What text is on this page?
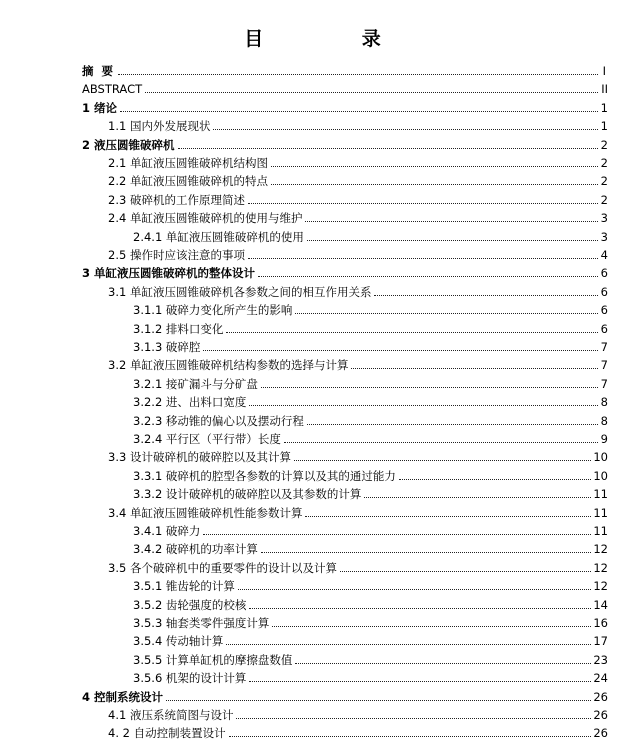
目 录
摘 要	I
ABSTRACT	II
1 绪论	1
1.1 国内外发展现状	1
2 液压圆锥破碎机	2
2.1 单缸液压圆锥破碎机结构图	2
2.2 单缸液压圆锥破碎机的特点	2
2.3 破碎机的工作原理简述	2
2.4 单缸液压圆锥破碎机的使用与维护	3
2.4.1 单缸液压圆锥破碎机的使用	3
2.5 操作时应该注意的事项	4
3 单缸液压圆锥破碎机的整体设计	6
3.1 单缸液压圆锥破碎机各参数之间的相互作用关系	6
3.1.1 破碎力变化所产生的影响	6
3.1.2 排料口变化	6
3.1.3 破碎腔	7
3.2 单缸液压圆锥破碎机结构参数的选择与计算	7
3.2.1 接矿漏斗与分矿盘	7
3.2.2 进、出料口宽度	8
3.2.3 移动锥的偏心以及摆动行程	8
3.2.4 平行区（平行带）长度	9
3.3 设计破碎机的破碎腔以及其计算	10
3.3.1 破碎机的腔型各参数的计算以及其的通过能力	10
3.3.2 设计破碎机的破碎腔以及其参数的计算	11
3.4 单缸液压圆锥破碎机性能参数计算	11
3.4.1 破碎力	11
3.4.2 破碎机的功率计算	12
3.5 各个破碎机中的重要零件的设计以及计算	12
3.5.1 锥齿轮的计算	12
3.5.2 齿轮强度的校核	14
3.5.3 轴套类零件强度计算	16
3.5.4 传动轴计算	17
3.5.5 计算单缸机的摩擦盘数值	23
3.5.6 机架的设计计算	24
4 控制系统设计	26
4.1 液压系统简图与设计	26
4. 2 自动控制装置设计	26
